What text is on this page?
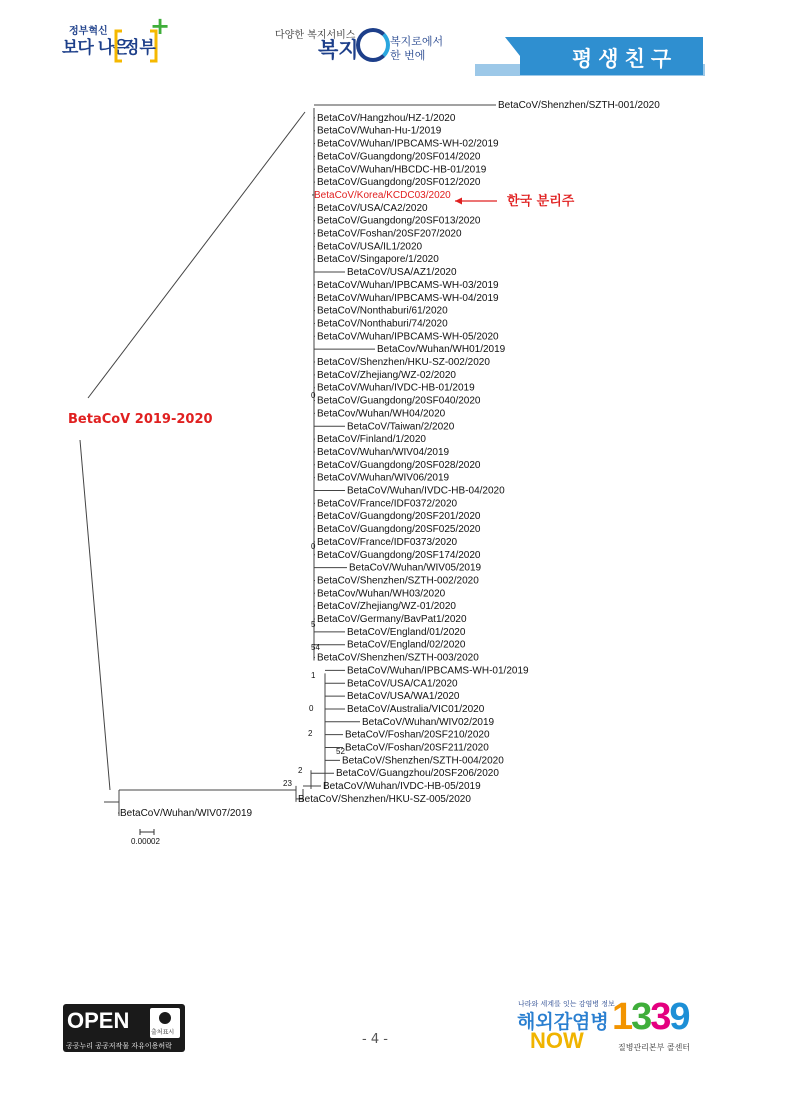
정부혁신
보다 나은
정부
+	다양한 복지서비스
복지	복지로에서
한 번에	평생친구
BetaCoV/Shenzhen/SZTH-001/2020
BetaCoV/Hangzhou/HZ-1/2020
BetaCoV/Wuhan-Hu-1/2019
BetaCoV/Wuhan/IPBCAMS-WH-02/2019
BetaCoV/Guangdong/20SF014/2020
BetaCoV/Wuhan/HBCDC-HB-01/2019
BetaCoV/Guangdong/20SF012/2020
BetaCoV/Korea/KCDC03/2020
BetaCoV/USA/CA2/2020
BetaCoV/Guangdong/20SF013/2020
BetaCoV/Foshan/20SF207/2020
BetaCoV/USA/IL1/2020
BetaCoV/Singapore/1/2020
BetaCoV/USA/AZ1/2020
BetaCoV/Wuhan/IPBCAMS-WH-03/2019
BetaCoV/Wuhan/IPBCAMS-WH-04/2019
BetaCoV/Nonthaburi/61/2020
BetaCoV/Nonthaburi/74/2020
BetaCoV/Wuhan/IPBCAMS-WH-05/2020
BetaCov/Wuhan/WH01/2019
BetaCoV/Shenzhen/HKU-SZ-002/2020
BetaCoV/Zhejiang/WZ-02/2020
BetaCoV/Wuhan/IVDC-HB-01/2019
BetaCoV/Guangdong/20SF040/2020
BetaCov/Wuhan/WH04/2020
BetaCoV/Taiwan/2/2020
BetaCoV/Finland/1/2020
BetaCoV/Wuhan/WIV04/2019
BetaCoV/Guangdong/20SF028/2020
BetaCoV/Wuhan/WIV06/2019
BetaCoV/Wuhan/IVDC-HB-04/2020
BetaCoV/France/IDF0372/2020
BetaCoV/Guangdong/20SF201/2020
BetaCoV/Guangdong/20SF025/2020
BetaCoV/France/IDF0373/2020
BetaCoV/Guangdong/20SF174/2020
BetaCoV/Wuhan/WIV05/2019
BetaCoV/Shenzhen/SZTH-002/2020
BetaCov/Wuhan/WH03/2020
BetaCoV/Zhejiang/WZ-01/2020
BetaCoV/Germany/BavPat1/2020
BetaCoV/England/01/2020
BetaCoV/England/02/2020
BetaCoV/Shenzhen/SZTH-003/2020
BetaCoV/Wuhan/IPBCAMS-WH-01/2019
BetaCoV/USA/CA1/2020
BetaCoV/USA/WA1/2020
BetaCoV/Australia/VIC01/2020
BetaCoV/Wuhan/WIV02/2019
BetaCoV/Foshan/20SF210/2020
BetaCoV/Foshan/20SF211/2020
BetaCoV/Shenzhen/SZTH-004/2020
BetaCoV/Guangzhou/20SF206/2020
BetaCoV/Wuhan/IVDC-HB-05/2019
BetaCoV/Shenzhen/HKU-SZ-005/2020
BetaCoV/Wuhan/WIV07/2019
0
0
5
54
1
0
2
52
2
23
BetaCoV 2019-2020
한국 분리주
0.00002
OPEN	출처표시
공공누리 공공저작물 자유이용허락	- 4 -
나라와 세계를 잇는 감염병 정보
해외감염병
NOW
1339
질병관리본부 콜센터
